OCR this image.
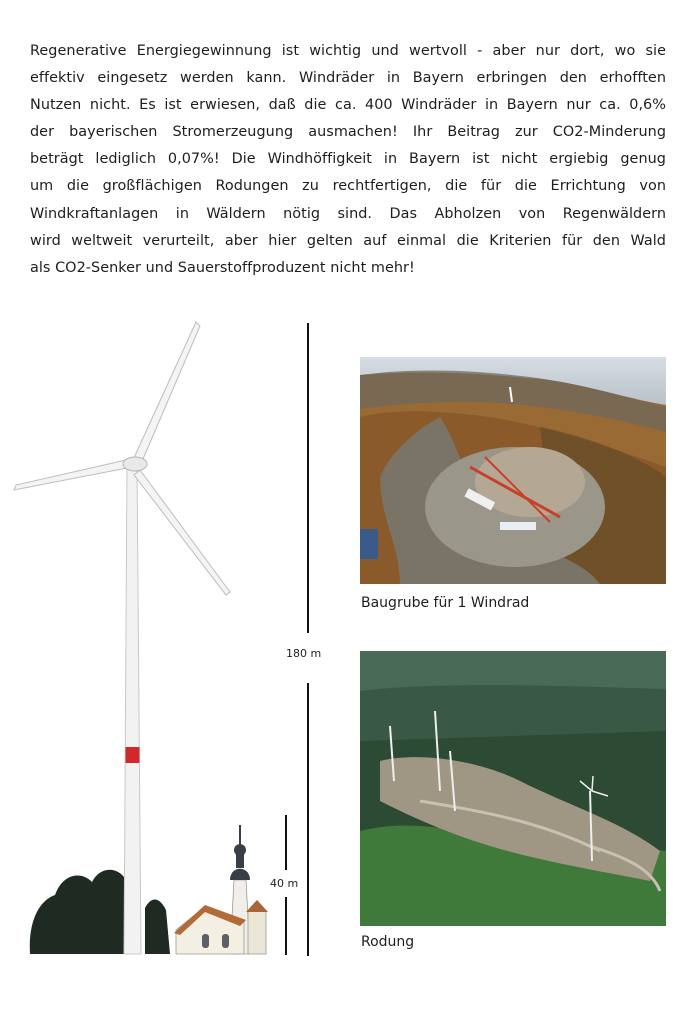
Regenerative Energiegewinnung ist wichtig und wertvoll - aber nur dort, wo sie
effektiv eingesetz werden kann. Windräder in Bayern erbringen den erhofften
Nutzen nicht. Es ist erwiesen, daß die ca. 400 Windräder in Bayern nur ca. 0,6%
der bayerischen Stromerzeugung ausmachen! Ihr Beitrag zur CO2-Minderung
beträgt lediglich 0,07%! Die Windhöffigkeit in Bayern ist nicht ergiebig genug
um die großflächigen Rodungen zu rechtfertigen, die für die Errichtung von
Windkraftanlagen in Wäldern nötig sind. Das Abholzen von Regenwäldern
wird weltweit verurteilt, aber hier gelten auf einmal die Kriterien für den Wald
als CO2-Senker und Sauerstoffproduzent nicht mehr!
180 m
40 m
Baugrube für 1 Windrad
Rodung
